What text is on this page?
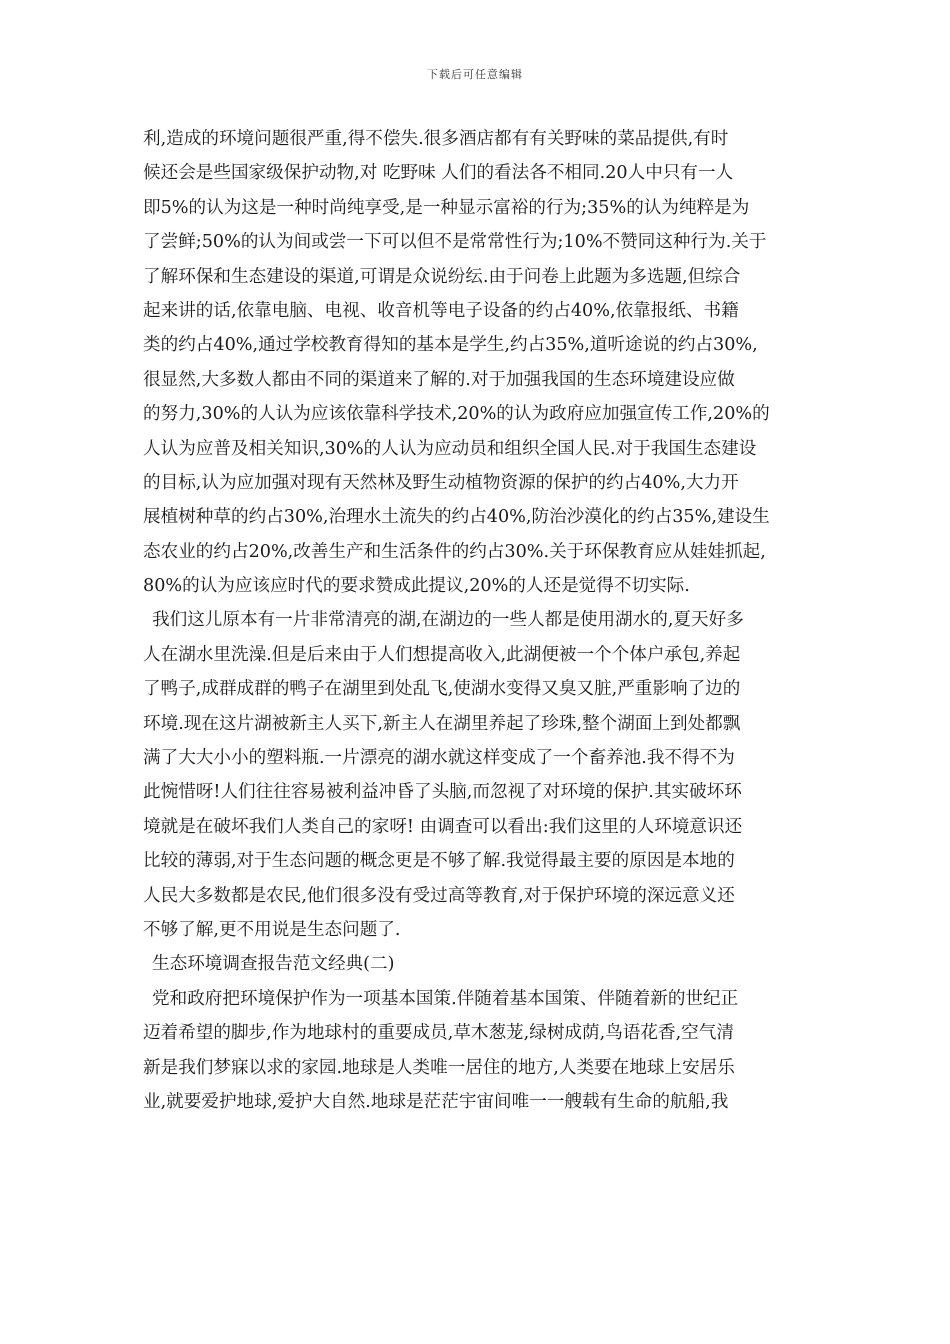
下载后可任意编辑
利,造成的环境问题很严重,得不偿失.很多酒店都有有关野味的菜品提供,有时
候还会是些国家级保护动物,对 吃野味 人们的看法各不相同.20人中只有一人
即5%的认为这是一种时尚纯享受,是一种显示富裕的行为;35%的认为纯粹是为
了尝鲜;50%的认为间或尝一下可以但不是常常性行为;10%不赞同这种行为.关于
了解环保和生态建设的渠道,可谓是众说纷纭.由于问卷上此题为多选题,但综合
起来讲的话,依靠电脑、电视、收音机等电子设备的约占40%,依靠报纸、书籍
类的约占40%,通过学校教育得知的基本是学生,约占35%,道听途说的约占30%,
很显然,大多数人都由不同的渠道来了解的.对于加强我国的生态环境建设应做
的努力,30%的人认为应该依靠科学技术,20%的认为政府应加强宣传工作,20%的
人认为应普及相关知识,30%的人认为应动员和组织全国人民.对于我国生态建设
的目标,认为应加强对现有天然林及野生动植物资源的保护的约占40%,大力开
展植树种草的约占30%,治理水土流失的约占40%,防治沙漠化的约占35%,建设生
态农业的约占20%,改善生产和生活条件的约占30%.关于环保教育应从娃娃抓起,
80%的认为应该应时代的要求赞成此提议,20%的人还是觉得不切实际.
我们这儿原本有一片非常清亮的湖,在湖边的一些人都是使用湖水的,夏天好多
人在湖水里洗澡.但是后来由于人们想提高收入,此湖便被一个个体户承包,养起
了鸭子,成群成群的鸭子在湖里到处乱飞,使湖水变得又臭又脏,严重影响了边的
环境.现在这片湖被新主人买下,新主人在湖里养起了珍珠,整个湖面上到处都飘
满了大大小小的塑料瓶.一片漂亮的湖水就这样变成了一个畜养池.我不得不为
此惋惜呀!人们往往容易被利益冲昏了头脑,而忽视了对环境的保护.其实破坏环
境就是在破坏我们人类自己的家呀! 由调查可以看出:我们这里的人环境意识还
比较的薄弱,对于生态问题的概念更是不够了解.我觉得最主要的原因是本地的
人民大多数都是农民,他们很多没有受过高等教育,对于保护环境的深远意义还
不够了解,更不用说是生态问题了.
生态环境调查报告范文经典(二)
党和政府把环境保护作为一项基本国策.伴随着基本国策、伴随着新的世纪正
迈着希望的脚步,作为地球村的重要成员,草木葱茏,绿树成荫,鸟语花香,空气清
新是我们梦寐以求的家园.地球是人类唯一居住的地方,人类要在地球上安居乐
业,就要爱护地球,爱护大自然.地球是茫茫宇宙间唯一一艘载有生命的航船,我
